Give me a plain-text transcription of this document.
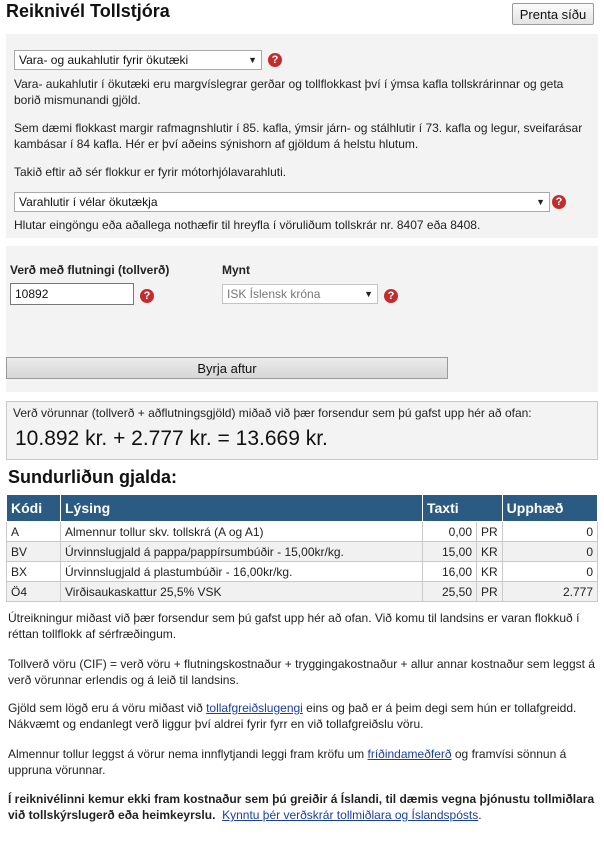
Reiknivél Tollstjóra	Prenta síðu
Vara- og aukahlutir fyrir ökutæki	▼	?

Vara- aukahlutir í ökutæki eru margvíslegrar gerðar og tollflokkast því í ýmsa kafla tollskrárinnar og geta borið mismunandi gjöld.

Sem dæmi flokkast margir rafmagnshlutir í 85. kafla, ýmsir járn- og stálhlutir í 73. kafla og legur, sveifarásar kambásar í 84 kafla. Hér er því aðeins sýnishorn af gjöldum á helstu hlutum.

Takið eftir að sér flokkur er fyrir mótorhjólavarahluti.

Varahlutir í vélar ökutækja	▼ ?

Hlutar eingöngu eða aðallega nothæfir til hreyfla í vöruliðum tollskrár nr. 8407 eða 8408.

Verð með flutningi (tollverð)
10892
?
Mynt
ISK Íslensk króna	▼	?
Byrja aftur
Verð vörunnar (tollverð + aðflutningsgjöld) miðað við þær forsendur sem þú gafst upp hér að ofan:
10.892 kr. + 2.777 kr. = 13.669 kr.
Sundurliðun gjalda:
Kódi	Lýsing	Taxti		Upphæð
A	Almennur tollur skv. tollskrá (A og A1)	0,00	PR	0
BV	Úrvinnslugjald á pappa/pappírsumbúðir - 15,00kr/kg.	15,00	KR	0
BX	Úrvinnslugjald á plastumbúðir - 16,00kr/kg.	16,00	KR	0
Ö4	Virðisaukaskattur 25,5% VSK	25,50	PR	2.777

Útreikningur miðast við þær forsendur sem þú gafst upp hér að ofan. Við komu til landsins er varan flokkuð í réttan tollflokk af sérfræðingum.

Tollverð vöru (CIF) = verð vöru + flutningskostnaður + tryggingakostnaður + allur annar kostnaður sem leggst á verð vörunnar erlendis og á leið til landsins.

Gjöld sem lögð eru á vöru miðast við tollafgreiðslugengi eins og það er á þeim degi sem hún er tollafgreidd. Nákvæmt og endanlegt verð liggur því aldrei fyrir fyrr en við tollafgreiðslu vöru.

Almennur tollur leggst á vörur nema innflytjandi leggi fram kröfu um fríðindameðferð og framvísi sönnun á uppruna vörunnar.

Í reiknivélinni kemur ekki fram kostnaður sem þú greiðir á Íslandi, til dæmis vegna þjónustu tollmiðlara við tollskýrslugerð eða heimkeyrslu. Kynntu þér verðskrár tollmiðlara og Íslandspósts.
